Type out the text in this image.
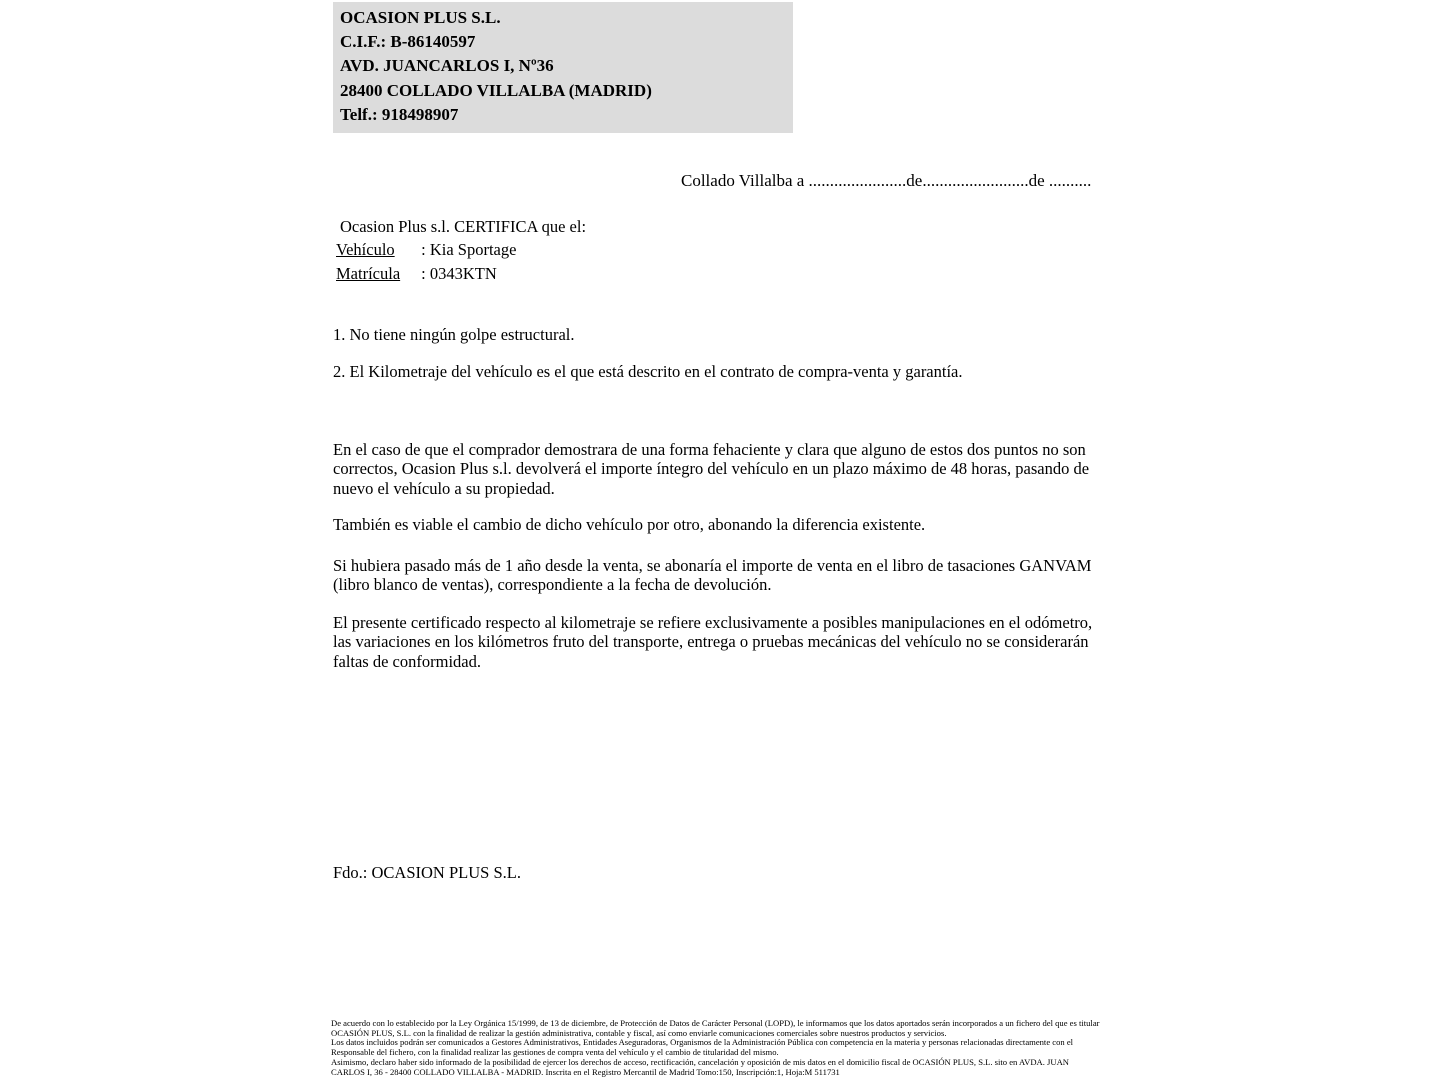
OCASION PLUS S.L.
C.I.F.: B-86140597
AVD. JUANCARLOS I, Nº36
28400 COLLADO VILLALBA (MADRID)
Telf.: 918498907
Collado Villalba a .......................de.........................de ..........
Ocasion Plus s.l. CERTIFICA que el:
Vehículo : Kia Sportage
Matrícula : 0343KTN
1. No tiene ningún golpe estructural.
2. El Kilometraje del vehículo es el que está descrito en el contrato de compra-venta y garantía.
En el caso de que el comprador demostrara de una forma fehaciente y clara que alguno de estos dos puntos no son correctos, Ocasion Plus s.l. devolverá el importe íntegro del vehículo en un plazo máximo de 48 horas, pasando de nuevo el vehículo a su propiedad.
También es viable el cambio de dicho vehículo por otro, abonando la diferencia existente.
Si hubiera pasado más de 1 año desde la venta, se abonaría el importe de venta en el libro de tasaciones GANVAM (libro blanco de ventas), correspondiente a la fecha de devolución.
El presente certificado respecto al kilometraje se refiere exclusivamente a posibles manipulaciones en el odómetro, las variaciones en los kilómetros fruto del transporte, entrega o pruebas mecánicas del vehículo no se considerarán faltas de conformidad.
Fdo.: OCASION PLUS S.L.
De acuerdo con lo establecido por la Ley Orgánica 15/1999, de 13 de diciembre, de Protección de Datos de Carácter Personal (LOPD), le informamos que los datos aportados serán incorporados a un fichero del que es titular OCASIÓN PLUS, S.L. con la finalidad de realizar la gestión administrativa, contable y fiscal, así como enviarle comunicaciones comerciales sobre nuestros productos y servicios.
Los datos incluidos podrán ser comunicados a Gestores Administrativos, Entidades Aseguradoras, Organismos de la Administración Pública con competencia en la materia y personas relacionadas directamente con el Responsable del fichero, con la finalidad realizar las gestiones de compra venta del vehículo y el cambio de titularidad del mismo.
Asimismo, declaro haber sido informado de la posibilidad de ejercer los derechos de acceso, rectificación, cancelación y oposición de mis datos en el domicilio fiscal de OCASIÓN PLUS, S.L. sito en AVDA. JUAN CARLOS I, 36 - 28400 COLLADO VILLALBA - MADRID. Inscrita en el Registro Mercantil de Madrid Tomo:150, Inscripción:1, Hoja:M 511731
